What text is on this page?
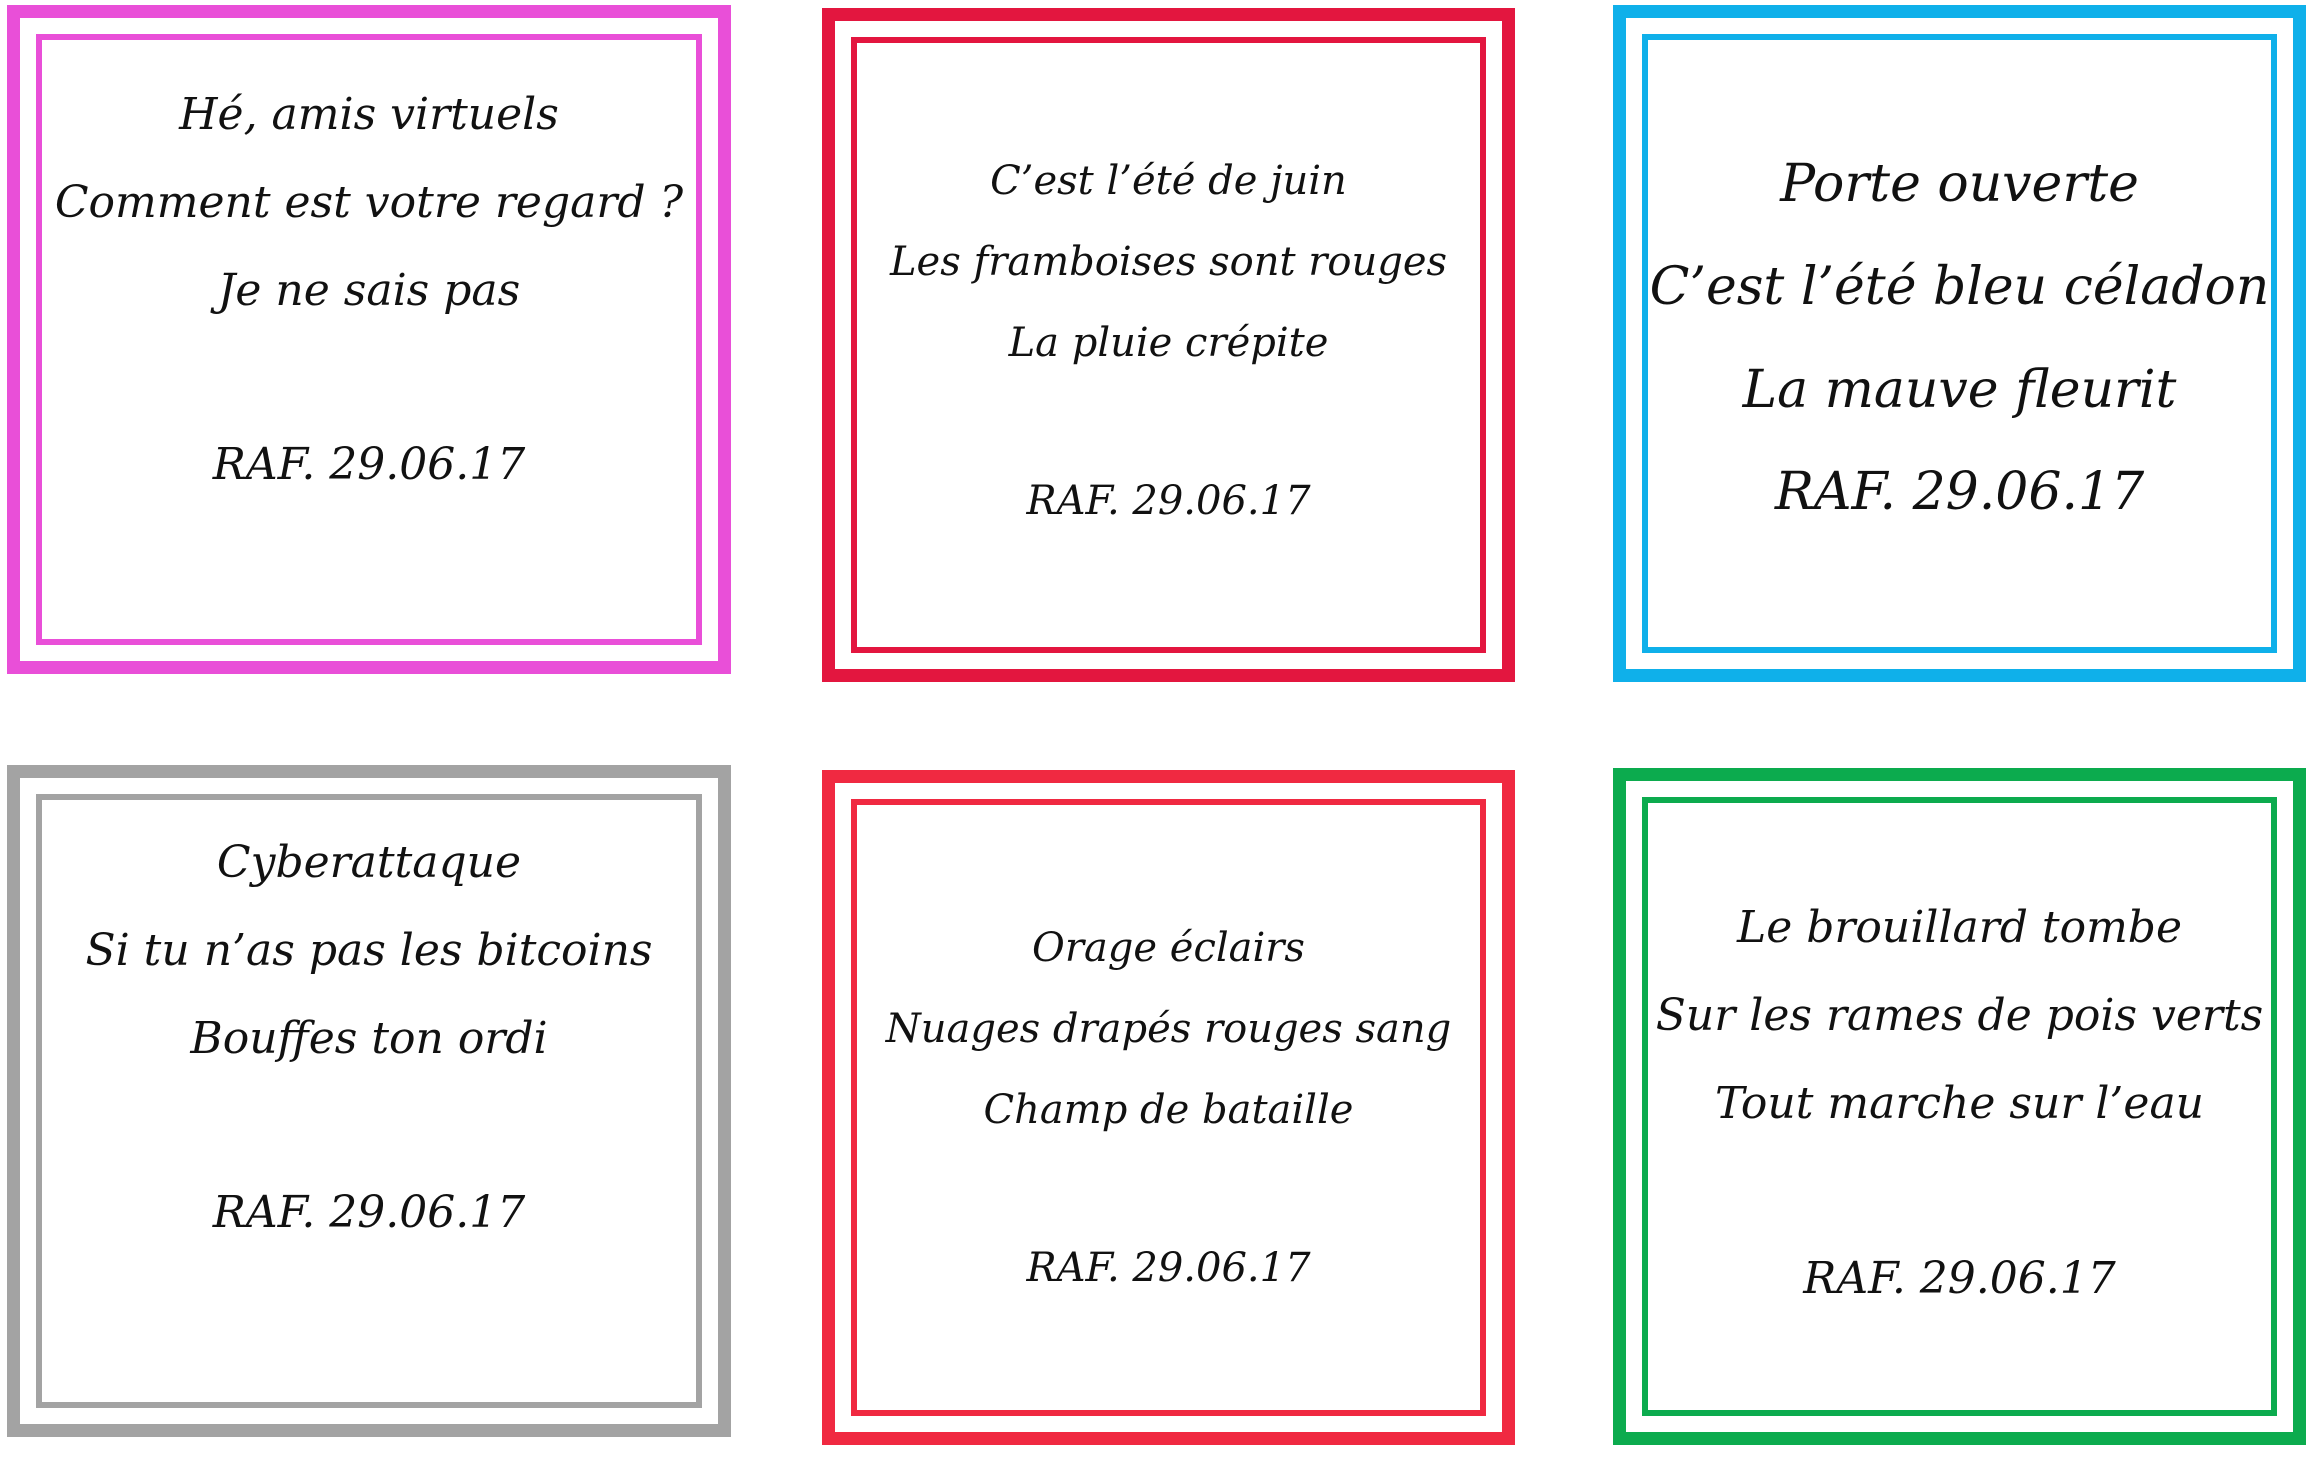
Hé, amis virtuels
Comment est votre regard ?
Je ne sais pas
RAF. 29.06.17
C’est l’été de juin
Les framboises sont rouges
La pluie crépite
RAF. 29.06.17
Porte ouverte
C’est l’été bleu céladon
La mauve fleurit
RAF. 29.06.17
Cyberattaque
Si tu n’as pas les bitcoins
Bouffes ton ordi
RAF. 29.06.17
Orage éclairs
Nuages drapés rouges sang
Champ de bataille
RAF. 29.06.17
Le brouillard tombe
Sur les rames de pois verts
Tout marche sur l’eau
RAF. 29.06.17
